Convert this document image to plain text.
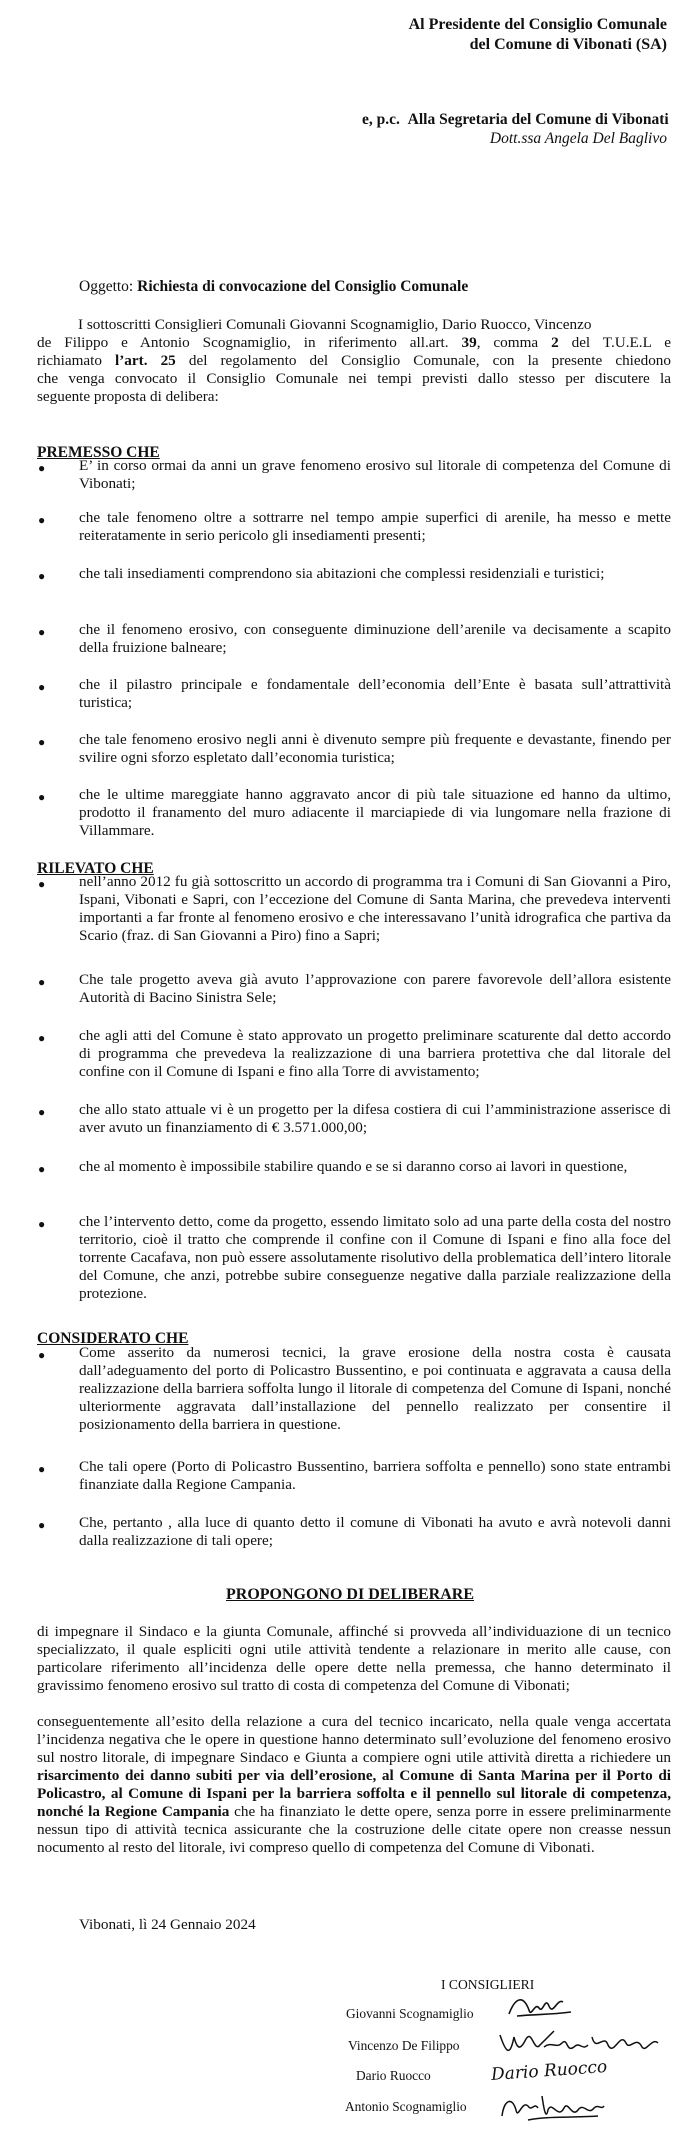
Al Presidente del Consiglio Comunale
del Comune di Vibonati (SA)
e, p.c. Alla Segretaria del Comune di Vibonati
Dott.ssa Angela Del Baglivo
Oggetto: Richiesta di convocazione del Consiglio Comunale
I sottoscritti Consiglieri Comunali Giovanni Scognamiglio, Dario Ruocco, Vincenzo
de Filippo e Antonio Scognamiglio, in riferimento all.art. 39, comma 2 del T.U.E.L e
richiamato l’art. 25 del regolamento del Consiglio Comunale, con la presente chiedono
che venga convocato il Consiglio Comunale nei tempi previsti dallo stesso per discutere la
seguente proposta di delibera:
PREMESSO CHE
● E’ in corso ormai da anni un grave fenomeno erosivo sul litorale di competenza del Comune di Vibonati;
● che tale fenomeno oltre a sottrarre nel tempo ampie superfici di arenile, ha messo e mette reiteratamente in serio pericolo gli insediamenti presenti;
● che tali insediamenti comprendono sia abitazioni che complessi residenziali e turistici;
● che il fenomeno erosivo, con conseguente diminuzione dell’arenile va decisamente a scapito della fruizione balneare;
● che il pilastro principale e fondamentale dell’economia dell’Ente è basata sull’attrattività turistica;
● che tale fenomeno erosivo negli anni è divenuto sempre più frequente e devastante, finendo per svilire ogni sforzo espletato dall’economia turistica;
● che le ultime mareggiate hanno aggravato ancor di più tale situazione ed hanno da ultimo, prodotto il franamento del muro adiacente il marciapiede di via lungomare nella frazione di Villammare.
RILEVATO CHE
● nell’anno 2012 fu già sottoscritto un accordo di programma tra i Comuni di San Giovanni a Piro, Ispani, Vibonati e Sapri, con l’eccezione del Comune di Santa Marina, che prevedeva interventi importanti a far fronte al fenomeno erosivo e che interessavano l’unità idrografica che partiva da Scario (fraz. di San Giovanni a Piro) fino a Sapri;
● Che tale progetto aveva già avuto l’approvazione con parere favorevole dell’allora esistente Autorità di Bacino Sinistra Sele;
● che agli atti del Comune è stato approvato un progetto preliminare scaturente dal detto accordo di programma che prevedeva la realizzazione di una barriera protettiva che dal litorale del confine con il Comune di Ispani e fino alla Torre di avvistamento;
● che allo stato attuale vi è un progetto per la difesa costiera di cui l’amministrazione asserisce di aver avuto un finanziamento di € 3.571.000,00;
● che al momento è impossibile stabilire quando e se si daranno corso ai lavori in questione,
● che l’intervento detto, come da progetto, essendo limitato solo ad una parte della costa del nostro territorio, cioè il tratto che comprende il confine con il Comune di Ispani e fino alla foce del torrente Cacafava, non può essere assolutamente risolutivo della problematica dell’intero litorale del Comune, che anzi, potrebbe subire conseguenze negative dalla parziale realizzazione della protezione.
CONSIDERATO CHE
● Come asserito da numerosi tecnici, la grave erosione della nostra costa è causata dall’adeguamento del porto di Policastro Bussentino, e poi continuata e aggravata a causa della realizzazione della barriera soffolta lungo il litorale di competenza del Comune di Ispani, nonché ulteriormente aggravata dall’installazione del pennello realizzato per consentire il posizionamento della barriera in questione.
● Che tali opere (Porto di Policastro Bussentino, barriera soffolta e pennello) sono state entrambi finanziate dalla Regione Campania.
● Che, pertanto , alla luce di quanto detto il comune di Vibonati ha avuto e avrà notevoli danni dalla realizzazione di tali opere;
PROPONGONO DI DELIBERARE
di impegnare il Sindaco e la giunta Comunale, affinché si provveda all’individuazione di un tecnico specializzato, il quale espliciti ogni utile attività tendente a relazionare in merito alle cause, con particolare riferimento all’incidenza delle opere dette nella premessa, che hanno determinato il gravissimo fenomeno erosivo sul tratto di costa di competenza del Comune di Vibonati;
conseguentemente all’esito della relazione a cura del tecnico incaricato, nella quale venga accertata l’incidenza negativa che le opere in questione hanno determinato sull’evoluzione del fenomeno erosivo sul nostro litorale, di impegnare Sindaco e Giunta a compiere ogni utile attività diretta a richiedere un risarcimento dei danno subiti per via dell’erosione, al Comune di Santa Marina per il Porto di Policastro, al Comune di Ispani per la barriera soffolta e il pennello sul litorale di competenza, nonché la Regione Campania che ha finanziato le dette opere, senza porre in essere preliminarmente nessun tipo di attività tecnica assicurante che la costruzione delle citate opere non creasse nessun nocumento al resto del litorale, ivi compreso quello di competenza del Comune di Vibonati.
Vibonati, lì 24 Gennaio 2024
I CONSIGLIERI
Giovanni Scognamiglio
Vincenzo De Filippo
Dario Ruocco
Antonio Scognamiglio
Dario Ruocco
